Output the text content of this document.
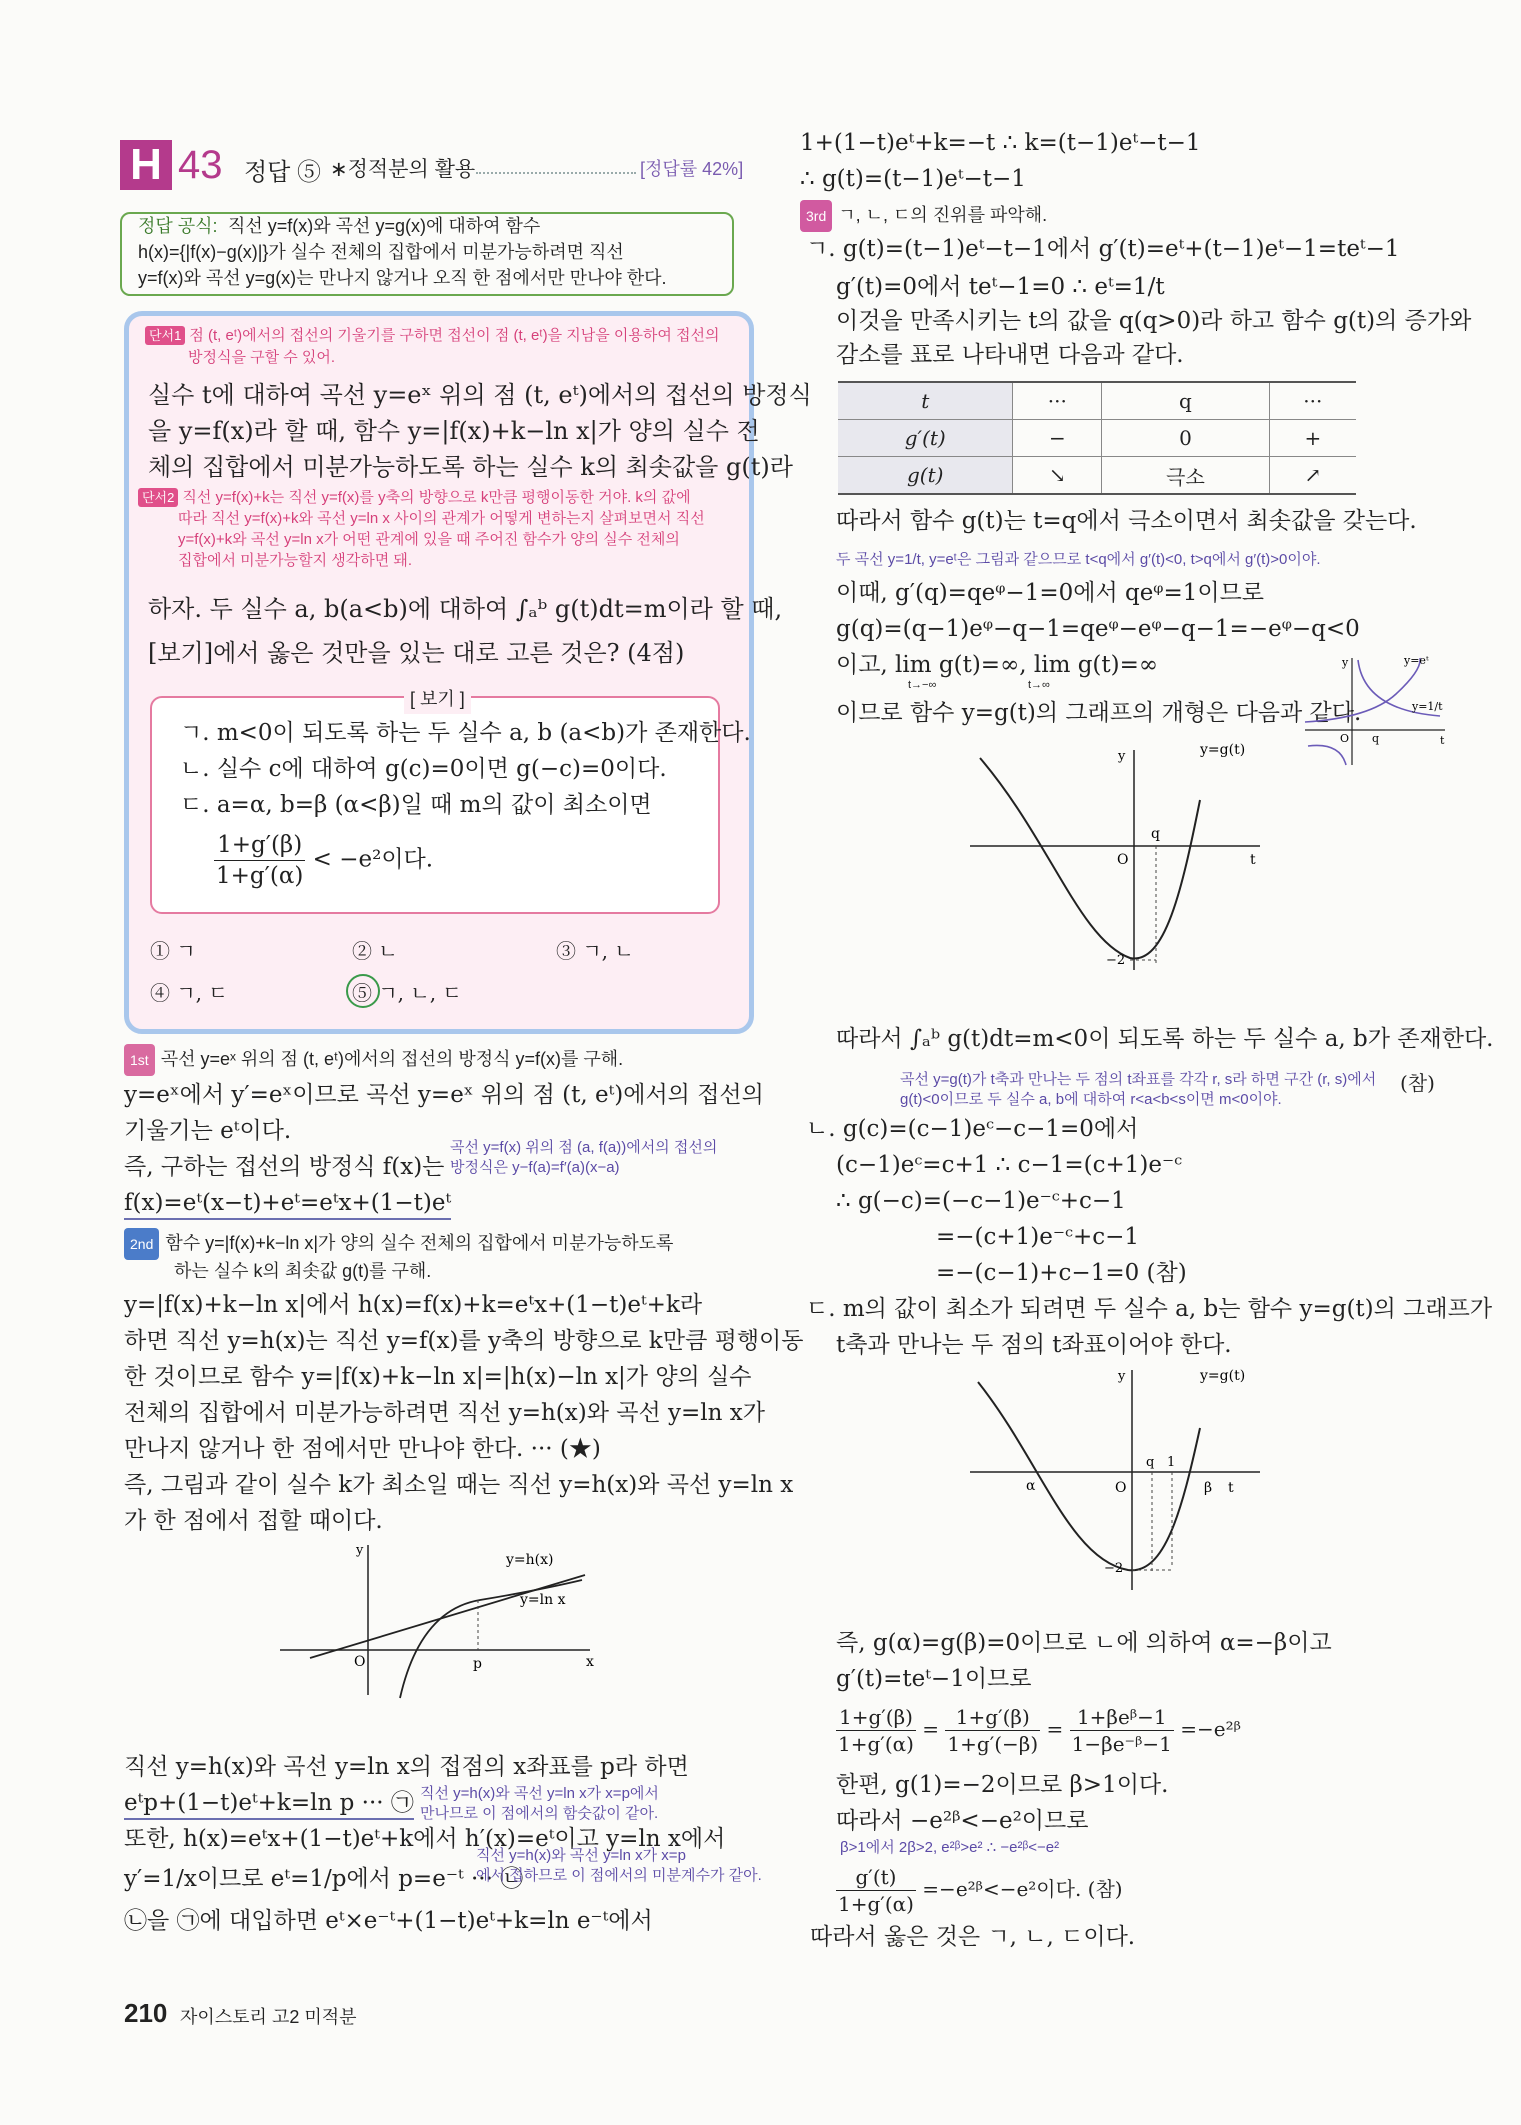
H 43 정답 ⑤ ∗정적분의 활용	[정답률 42%]
정답 공식: 직선 y=f(x)와 곡선 y=g(x)에 대하여 함수
h(x)={|f(x)−g(x)|}가 실수 전체의 집합에서 미분가능하려면 직선
y=f(x)와 곡선 y=g(x)는 만나지 않거나 오직 한 점에서만 만나야 한다.
단서1 점 (t, eᵗ)에서의 접선의 기울기를 구하면 접선이 점 (t, eᵗ)을 지남을 이용하여 접선의
방정식을 구할 수 있어.
실수 t에 대하여 곡선 y=eˣ 위의 점 (t, eᵗ)에서의 접선의 방정식
을 y=f(x)라 할 때, 함수 y=|f(x)+k−ln x|가 양의 실수 전
체의 집합에서 미분가능하도록 하는 실수 k의 최솟값을 g(t)라
단서2 직선 y=f(x)+k는 직선 y=f(x)를 y축의 방향으로 k만큼 평행이동한 거야. k의 값에
따라 직선 y=f(x)+k와 곡선 y=ln x 사이의 관계가 어떻게 변하는지 살펴보면서 직선
y=f(x)+k와 곡선 y=ln x가 어떤 관계에 있을 때 주어진 함수가 양의 실수 전체의
집합에서 미분가능할지 생각하면 돼.
하자. 두 실수 a, b(a<b)에 대하여 ∫ₐᵇ g(t)dt=m이라 할 때,
[보기]에서 옳은 것만을 있는 대로 고른 것은? (4점)
[ 보기 ]
ㄱ. m<0이 되도록 하는 두 실수 a, b (a<b)가 존재한다.
ㄴ. 실수 c에 대하여 g(c)=0이면 g(−c)=0이다.
ㄷ. a=α, b=β (α<β)일 때 m의 값이 최소이면
$\frac{1+g'(\beta)}{1+g'(\alpha)} < -e^2$이다.
① ㄱ	② ㄴ	③ ㄱ, ㄴ
④ ㄱ, ㄷ	⑤ ㄱ, ㄴ, ㄷ
1st 곡선 y=eˣ 위의 점 (t, eᵗ)에서의 접선의 방정식 y=f(x)를 구해.
y=eˣ에서 y′=eˣ이므로 곡선 y=eˣ 위의 점 (t, eᵗ)에서의 접선의
기울기는 eᵗ이다.
즉, 구하는 접선의 방정식 f(x)는
f(x)=eᵗ(x−t)+eᵗ=eᵗx+(1−t)eᵗ
곡선 y=f(x) 위의 점 (a, f(a))에서의 접선의
방정식은 y−f(a)=f′(a)(x−a)
2nd 함수 y=|f(x)+k−ln x|가 양의 실수 전체의 집합에서 미분가능하도록
하는 실수 k의 최솟값 g(t)를 구해.
y=|f(x)+k−ln x|에서 h(x)=f(x)+k=eᵗx+(1−t)eᵗ+k라
하면 직선 y=h(x)는 직선 y=f(x)를 y축의 방향으로 k만큼 평행이동
한 것이므로 함수 y=|f(x)+k−ln x|=|h(x)−ln x|가 양의 실수
전체의 집합에서 미분가능하려면 직선 y=h(x)와 곡선 y=ln x가
만나지 않거나 한 점에서만 만나야 한다. ··· (★)
즉, 그림과 같이 실수 k가 최소일 때는 직선 y=h(x)와 곡선 y=ln x
가 한 점에서 접할 때이다.
y
x
O	p
y=h(x)
y=ln x
직선 y=h(x)와 곡선 y=ln x의 접점의 x좌표를 p라 하면
eᵗp+(1−t)eᵗ+k=ln p ··· ㉠
또한, h(x)=eᵗx+(1−t)eᵗ+k에서 h′(x)=eᵗ이고 y=ln x에서
y′=1/x이므로 eᵗ=1/p에서 p=e⁻ᵗ ··· ㉡
㉡을 ㉠에 대입하면 eᵗ×e⁻ᵗ+(1−t)eᵗ+k=ln e⁻ᵗ에서
직선 y=h(x)와 곡선 y=ln x가 x=p에서
만나므로 이 점에서의 함숫값이 같아.
직선 y=h(x)와 곡선 y=ln x가 x=p
에서 접하므로 이 점에서의 미분계수가 같아.
1+(1−t)eᵗ+k=−t ∴ k=(t−1)eᵗ−t−1
∴ g(t)=(t−1)eᵗ−t−1
3rd ㄱ, ㄴ, ㄷ의 진위를 파악해.
ㄱ. g(t)=(t−1)eᵗ−t−1에서 g′(t)=eᵗ+(t−1)eᵗ−1=teᵗ−1
g′(t)=0에서 teᵗ−1=0 ∴ eᵗ=1/t
이것을 만족시키는 t의 값을 q(q>0)라 하고 함수 g(t)의 증가와
감소를 표로 나타내면 다음과 같다.
t	···	q	···
g′(t)	−	0	+
g(t)	↘	극소	↗
따라서 함수 g(t)는 t=q에서 극소이면서 최솟값을 갖는다.
두 곡선 y=1/t, y=eᵗ은 그림과 같으므로 t<q에서 g′(t)<0, t>q에서 g′(t)>0이야.
이때, g′(q)=qeᵠ−1=0에서 qeᵠ=1이므로
g(q)=(q−1)eᵠ−q−1=qeᵠ−eᵠ−q−1=−eᵠ−q<0
이고, lim g(t)=∞, lim g(t)=∞
t→−∞	t→∞
이므로 함수 y=g(t)의 그래프의 개형은 다음과 같다.
y	y=eᵗ
y=1/t
O q	t
y	y=g(t)
O
q
t
−2
따라서 ∫ₐᵇ g(t)dt=m<0이 되도록 하는 두 실수 a, b가 존재한다.
곡선 y=g(t)가 t축과 만나는 두 점의 t좌표를 각각 r, s라 하면 구간 (r, s)에서
g(t)<0이므로 두 실수 a, b에 대하여 r<a<b<s이면 m<0이야.
(참)
ㄴ. g(c)=(c−1)eᶜ−c−1=0에서
(c−1)eᶜ=c+1 ∴ c−1=(c+1)e⁻ᶜ
∴ g(−c)=(−c−1)e⁻ᶜ+c−1
=−(c+1)e⁻ᶜ+c−1
=−(c−1)+c−1=0 (참)
ㄷ. m의 값이 최소가 되려면 두 실수 a, b는 함수 y=g(t)의 그래프가
t축과 만나는 두 점의 t좌표이어야 한다.
y	y=g(t)
O
q 1
α	β t
−2
즉, g(α)=g(β)=0이므로 ㄴ에 의하여 α=−β이고
g′(t)=teᵗ−1이므로
$\frac{1+g'(\beta)}{1+g'(\alpha)} = \frac{1+g'(\beta)}{1+g'(-\beta)} = \frac{\text{1+βeᵝ−1}}{\text{1−βe⁻ᵝ−1}}$ =−e²ᵝ
한편, g(1)=−2이므로 β>1이다.
따라서 −e²ᵝ<−e²이므로
β>1에서 2β>2, e²ᵝ>e² ∴ −e²ᵝ<−e²
$\frac{g'(t)}{1+g'(\alpha)}$ =−e²ᵝ<−e²이다. (참)
따라서 옳은 것은 ㄱ, ㄴ, ㄷ이다.
210 자이스토리 고2 미적분
